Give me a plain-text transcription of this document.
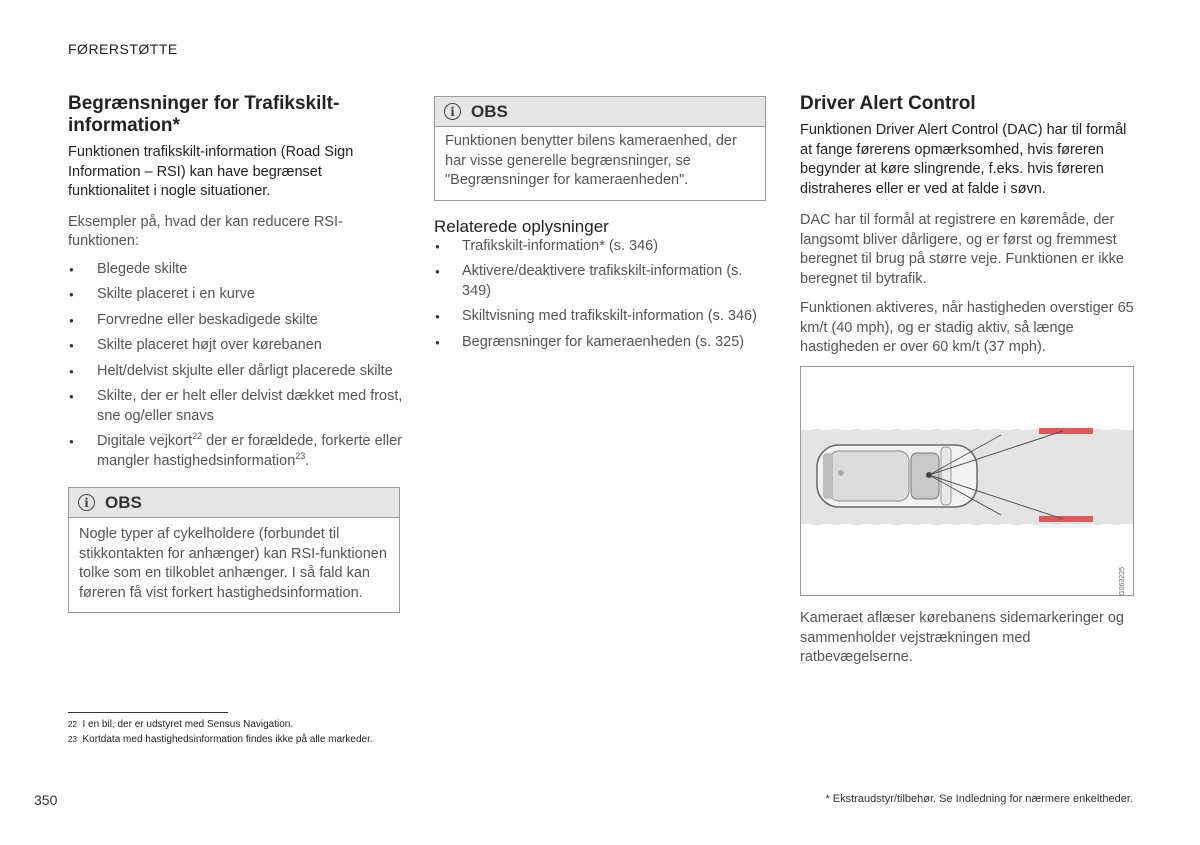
FØRERSTØTTE
Begrænsninger for Trafikskilt-information*

Funktionen trafikskilt-information (Road Sign Information – RSI) kan have begrænset funktionalitet i nogle situationer.

Eksempler på, hvad der kan reducere RSI-funktionen:

● Blegede skilte
● Skilte placeret i en kurve
● Forvredne eller beskadigede skilte
● Skilte placeret højt over kørebanen
● Helt/delvist skjulte eller dårligt placerede skilte
● Skilte, der er helt eller delvist dækket med frost, sne og/eller snavs
● Digitale vejkort$^{22}$ der er forældede, forkerte eller mangler hastighedsinformation$^{23}$.
i OBS
Nogle typer af cykelholdere (forbundet til stikkontakten for anhænger) kan RSI-funktionen tolke som en tilkoblet anhænger. I så fald kan føreren få vist forkert hastighedsinformation.
i OBS
Funktionen benytter bilens kameraenhed, der har visse generelle begrænsninger, se "Begrænsninger for kameraenheden".
Relaterede oplysninger
● Trafikskilt-information* (s. 346)
● Aktivere/deaktivere trafikskilt-information (s. 349)
● Skiltvisning med trafikskilt-information (s. 346)
● Begrænsninger for kameraenheden (s. 325)
Driver Alert Control

Funktionen Driver Alert Control (DAC) har til formål at fange førerens opmærksomhed, hvis føreren begynder at køre slingrende, f.eks. hvis føreren distraheres eller er ved at falde i søvn.

DAC har til formål at registrere en køremåde, der langsomt bliver dårligere, og er først og fremmest beregnet til brug på større veje. Funktionen er ikke beregnet til bytrafik.

Funktionen aktiveres, når hastigheden overstiger 65 km/t (40 mph), og er stadig aktiv, så længe hastigheden er over 60 km/t (37 mph).

G063225
Kameraet aflæser kørebanens sidemarkeringer og sammenholder vejstrækningen med ratbevægelserne.
$^{22}$ I en bil, der er udstyret med Sensus Navigation.
$^{23}$ Kortdata med hastighedsinformation findes ikke på alle markeder.
350	* Ekstraudstyr/tilbehør. Se Indledning for nærmere enkeltheder.
